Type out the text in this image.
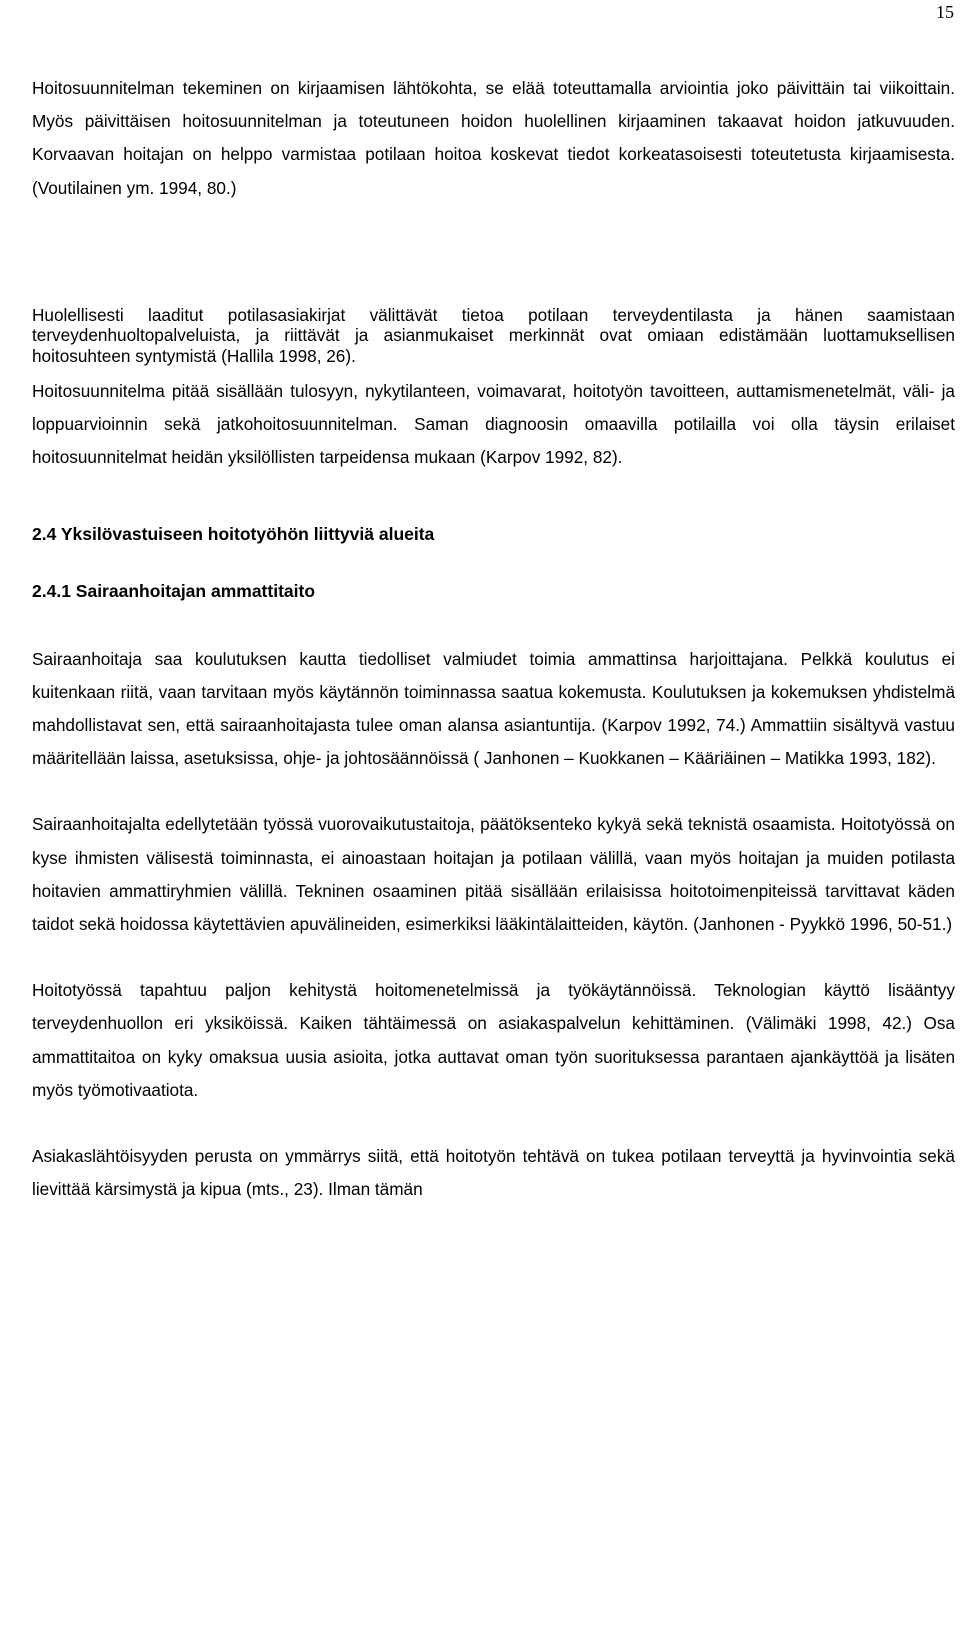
15

Hoitosuunnitelman tekeminen on kirjaamisen lähtökohta, se elää toteuttamalla arviointia joko päivittäin tai viikoittain. Myös päivittäisen hoitosuunnitelman ja toteutuneen hoidon huolellinen kirjaaminen takaavat hoidon jatkuvuuden. Korvaavan hoitajan on helppo varmistaa potilaan hoitoa koskevat tiedot korkeatasoisesti toteutetusta kirjaamisesta. (Voutilainen ym. 1994, 80.)

Huolellisesti laaditut potilasasiakirjat välittävät tietoa potilaan terveydentilasta ja hänen saamistaan terveydenhuoltopalveluista, ja riittävät ja asianmukaiset merkinnät ovat omiaan edistämään luottamuksellisen hoitosuhteen syntymistä (Hallila 1998, 26).

Hoitosuunnitelma pitää sisällään tulosyyn, nykytilanteen, voimavarat, hoitotyön tavoitteen, auttamismenetelmät, väli- ja loppuarvioinnin sekä jatkohoitosuunnitelman. Saman diagnoosin omaavilla potilailla voi olla täysin erilaiset hoitosuunnitelmat heidän yksilöllisten tarpeidensa mukaan (Karpov 1992, 82).

2.4 Yksilövastuiseen hoitotyöhön liittyviä alueita
2.4.1 Sairaanhoitajan ammattitaito

Sairaanhoitaja saa koulutuksen kautta tiedolliset valmiudet toimia ammattinsa harjoittajana. Pelkkä koulutus ei kuitenkaan riitä, vaan tarvitaan myös käytännön toiminnassa saatua kokemusta. Koulutuksen ja kokemuksen yhdistelmä mahdollistavat sen, että sairaanhoitajasta tulee oman alansa asiantuntija. (Karpov 1992, 74.) Ammattiin sisältyvä vastuu määritellään laissa, asetuksissa, ohje- ja johtosäännöissä ( Janhonen – Kuokkanen – Kääriäinen – Matikka 1993, 182).

Sairaanhoitajalta edellytetään työssä vuorovaikutustaitoja, päätöksenteko kykyä sekä teknistä osaamista. Hoitotyössä on kyse ihmisten välisestä toiminnasta, ei ainoastaan hoitajan ja potilaan välillä, vaan myös hoitajan ja muiden potilasta hoitavien ammattiryhmien välillä. Tekninen osaaminen pitää sisällään erilaisissa hoitotoimenpiteissä tarvittavat käden taidot sekä hoidossa käytettävien apuvälineiden, esimerkiksi lääkintälaitteiden, käytön. (Janhonen - Pyykkö 1996, 50-51.)

Hoitotyössä tapahtuu paljon kehitystä hoitomenetelmissä ja työkäytännöissä. Teknologian käyttö lisääntyy terveydenhuollon eri yksiköissä. Kaiken tähtäimessä on asiakaspalvelun kehittäminen. (Välimäki 1998, 42.) Osa ammattitaitoa on kyky omaksua uusia asioita, jotka auttavat oman työn suorituksessa parantaen ajankäyttöä ja lisäten myös työmotivaatiota.

Asiakaslähtöisyyden perusta on ymmärrys siitä, että hoitotyön tehtävä on tukea potilaan terveyttä ja hyvinvointia sekä lievittää kärsimystä ja kipua (mts., 23). Ilman tämän
